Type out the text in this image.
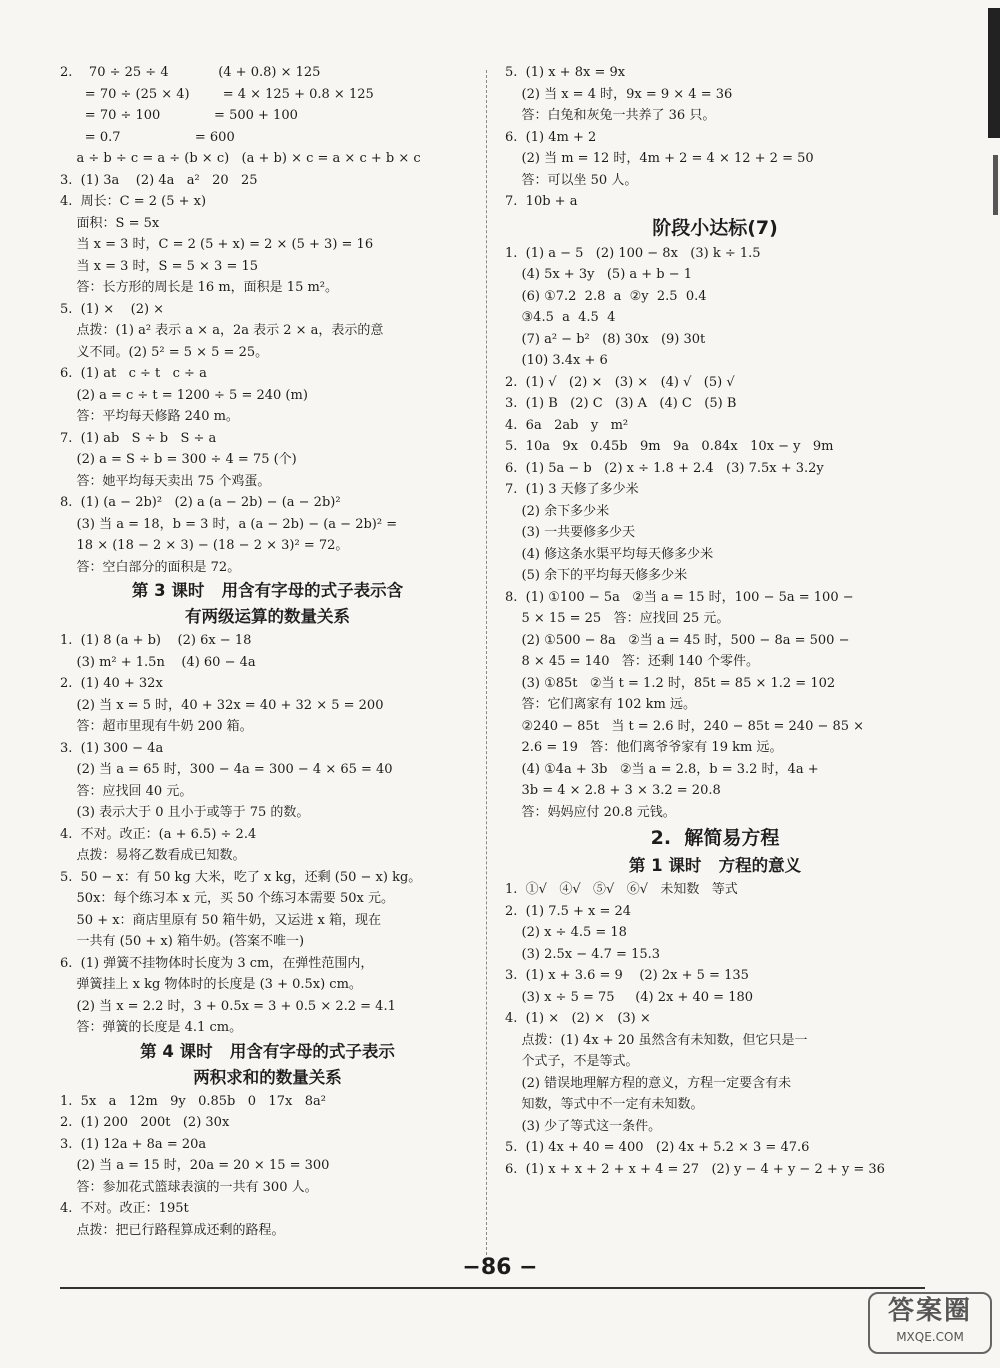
2.    70 ÷ 25 ÷ 4            (4 + 0.8) × 125
= 70 ÷ (25 × 4)        = 4 × 125 + 0.8 × 125
= 70 ÷ 100             = 500 + 100
= 0.7                  = 600
a ÷ b ÷ c = a ÷ (b × c)   (a + b) × c = a × c + b × c
3.  (1) 3a    (2) 4a   a²   20   25
4.  周长：C = 2 (5 + x)
面积：S = 5x
当 x = 3 时，C = 2 (5 + x) = 2 × (5 + 3) = 16
当 x = 3 时，S = 5 × 3 = 15
答：长方形的周长是 16 m，面积是 15 m²。
5.  (1) ×    (2) ×
点拨：(1) a² 表示 a × a，2a 表示 2 × a，表示的意
义不同。(2) 5² = 5 × 5 = 25。
6.  (1) at   c ÷ t   c ÷ a
(2) a = c ÷ t = 1200 ÷ 5 = 240 (m)
答：平均每天修路 240 m。
7.  (1) ab   S ÷ b   S ÷ a
(2) a = S ÷ b = 300 ÷ 4 = 75 (个)
答：她平均每天卖出 75 个鸡蛋。
8.  (1) (a − 2b)²   (2) a (a − 2b) − (a − 2b)²
(3) 当 a = 18，b = 3 时，a (a − 2b) − (a − 2b)² =
18 × (18 − 2 × 3) − (18 − 2 × 3)² = 72。
答：空白部分的面积是 72。
第 3 课时   用含有字母的式子表示含
有两级运算的数量关系
1.  (1) 8 (a + b)    (2) 6x − 18
(3) m² + 1.5n    (4) 60 − 4a
2.  (1) 40 + 32x
(2) 当 x = 5 时，40 + 32x = 40 + 32 × 5 = 200
答：超市里现有牛奶 200 箱。
3.  (1) 300 − 4a
(2) 当 a = 65 时，300 − 4a = 300 − 4 × 65 = 40
答：应找回 40 元。
(3) 表示大于 0 且小于或等于 75 的数。
4.  不对。改正：(a + 6.5) ÷ 2.4
点拨：易将乙数看成已知数。
5.  50 − x：有 50 kg 大米，吃了 x kg，还剩 (50 − x) kg。
50x：每个练习本 x 元，买 50 个练习本需要 50x 元。
50 + x：商店里原有 50 箱牛奶，又运进 x 箱，现在
一共有 (50 + x) 箱牛奶。(答案不唯一)
6.  (1) 弹簧不挂物体时长度为 3 cm，在弹性范围内，
弹簧挂上 x kg 物体时的长度是 (3 + 0.5x) cm。
(2) 当 x = 2.2 时，3 + 0.5x = 3 + 0.5 × 2.2 = 4.1
答：弹簧的长度是 4.1 cm。
第 4 课时   用含有字母的式子表示
两积求和的数量关系
1.  5x   a   12m   9y   0.85b   0   17x   8a²
2.  (1) 200   200t   (2) 30x
3.  (1) 12a + 8a = 20a
(2) 当 a = 15 时，20a = 20 × 15 = 300
答：参加花式篮球表演的一共有 300 人。
4.  不对。改正：195t
点拨：把已行路程算成还剩的路程。
5.  (1) x + 8x = 9x
(2) 当 x = 4 时，9x = 9 × 4 = 36
答：白兔和灰兔一共养了 36 只。
6.  (1) 4m + 2
(2) 当 m = 12 时，4m + 2 = 4 × 12 + 2 = 50
答：可以坐 50 人。
7.  10b + a
阶段小达标(7)
1.  (1) a − 5   (2) 100 − 8x   (3) k ÷ 1.5
(4) 5x + 3y   (5) a + b − 1
(6) ①7.2  2.8  a  ②y  2.5  0.4
③4.5  a  4.5  4
(7) a² − b²   (8) 30x   (9) 30t
(10) 3.4x + 6
2.  (1) √   (2) ×   (3) ×   (4) √   (5) √
3.  (1) B   (2) C   (3) A   (4) C   (5) B
4.  6a   2ab   y   m²
5.  10a   9x   0.45b   9m   9a   0.84x   10x − y   9m
6.  (1) 5a − b   (2) x ÷ 1.8 + 2.4   (3) 7.5x + 3.2y
7.  (1) 3 天修了多少米
(2) 余下多少米
(3) 一共要修多少天
(4) 修这条水渠平均每天修多少米
(5) 余下的平均每天修多少米
8.  (1) ①100 − 5a   ②当 a = 15 时，100 − 5a = 100 −
5 × 15 = 25   答：应找回 25 元。
(2) ①500 − 8a   ②当 a = 45 时，500 − 8a = 500 −
8 × 45 = 140   答：还剩 140 个零件。
(3) ①85t   ②当 t = 1.2 时，85t = 85 × 1.2 = 102
答：它们离家有 102 km 远。
②240 − 85t   当 t = 2.6 时，240 − 85t = 240 − 85 ×
2.6 = 19   答：他们离爷爷家有 19 km 远。
(4) ①4a + 3b   ②当 a = 2.8，b = 3.2 时，4a +
3b = 4 × 2.8 + 3 × 3.2 = 20.8
答：妈妈应付 20.8 元钱。
2.  解简易方程
第 1 课时   方程的意义
1.  ①√   ④√   ⑤√   ⑥√   未知数   等式
2.  (1) 7.5 + x = 24
(2) x ÷ 4.5 = 18
(3) 2.5x − 4.7 = 15.3
3.  (1) x + 3.6 = 9    (2) 2x + 5 = 135
(3) x ÷ 5 = 75     (4) 2x + 40 = 180
4.  (1) ×   (2) ×   (3) ×
点拨：(1) 4x + 20 虽然含有未知数，但它只是一
个式子，不是等式。
(2) 错误地理解方程的意义，方程一定要含有未
知数，等式中不一定有未知数。
(3) 少了等式这一条件。
5.  (1) 4x + 40 = 400   (2) 4x + 5.2 × 3 = 47.6
6.  (1) x + x + 2 + x + 4 = 27   (2) y − 4 + y − 2 + y = 36
−86 −
答案圈
MXQE.COM
